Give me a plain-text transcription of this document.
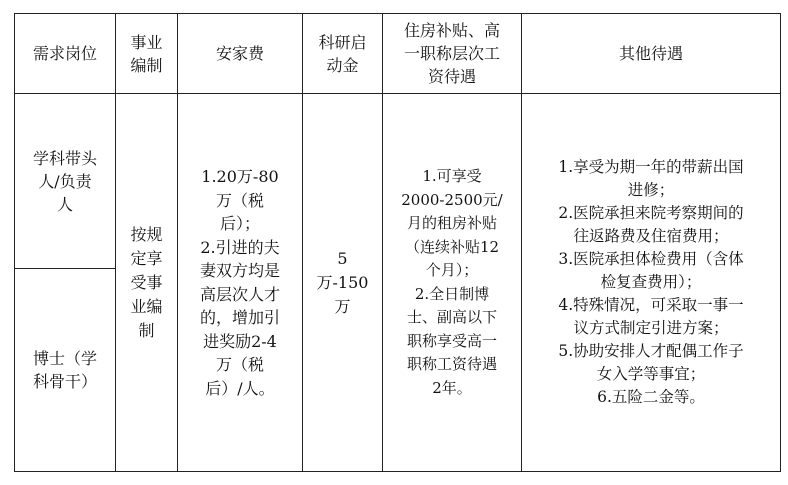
需求岗位
事业
编制
安家费
科研启
动金
住房补贴、高
一职称层次工
资待遇
其他待遇
学科带头
人/负责
人
博士（学
科骨干）
按规
定享
受事
业编
制
1.20万-80
万（税
后）；
2.引进的夫
妻双方均是
高层次人才
的，增加引
进奖励2-4
万（税
后）/人。
5
万-150
万
1.可享受
2000-2500元/
月的租房补贴
（连续补贴12
个月）；
2.全日制博
士、副高以下
职称享受高一
职称工资待遇
2年。
1.享受为期一年的带薪出国
进修；
2.医院承担来院考察期间的
往返路费及住宿费用；
3.医院承担体检费用（含体
检复查费用）；
4.特殊情况，可采取一事一
议方式制定引进方案；
5.协助安排人才配偶工作子
女入学等事宜；
6.五险二金等。
